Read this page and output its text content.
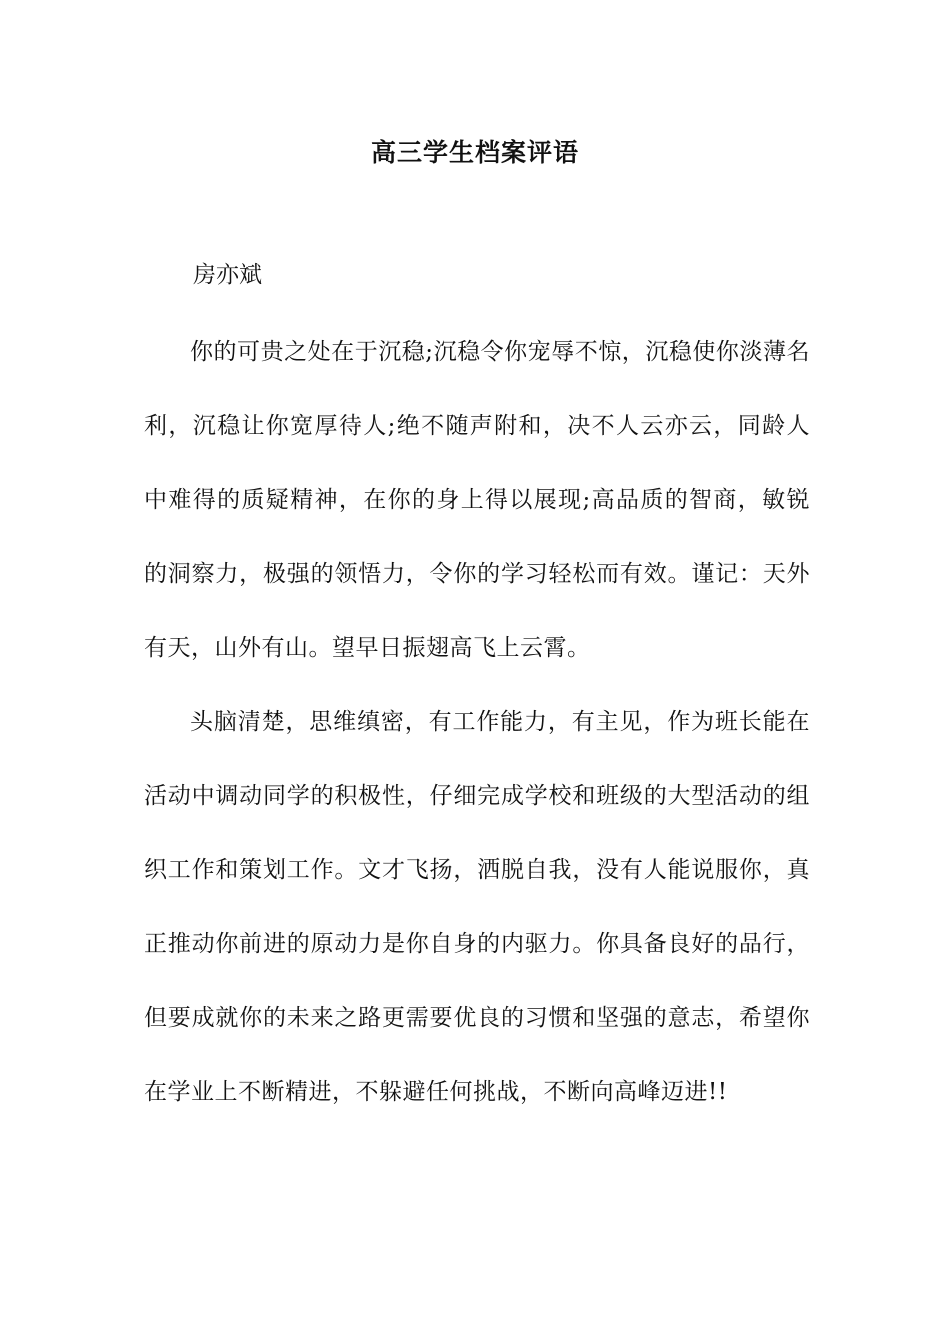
高三学生档案评语
房亦斌
你的可贵之处在于沉稳;沉稳令你宠辱不惊，沉稳使你淡薄名利，沉稳让你宽厚待人;绝不随声附和，决不人云亦云，同龄人中难得的质疑精神，在你的身上得以展现;高品质的智商，敏锐的洞察力，极强的领悟力，令你的学习轻松而有效。谨记：天外有天，山外有山。望早日振翅高飞上云霄。
头脑清楚，思维缜密，有工作能力，有主见，作为班长能在活动中调动同学的积极性，仔细完成学校和班级的大型活动的组织工作和策划工作。文才飞扬，洒脱自我，没有人能说服你，真正推动你前进的原动力是你自身的内驱力。你具备良好的品行，但要成就你的未来之路更需要优良的习惯和坚强的意志，希望你在学业上不断精进，不躲避任何挑战，不断向高峰迈进!!
